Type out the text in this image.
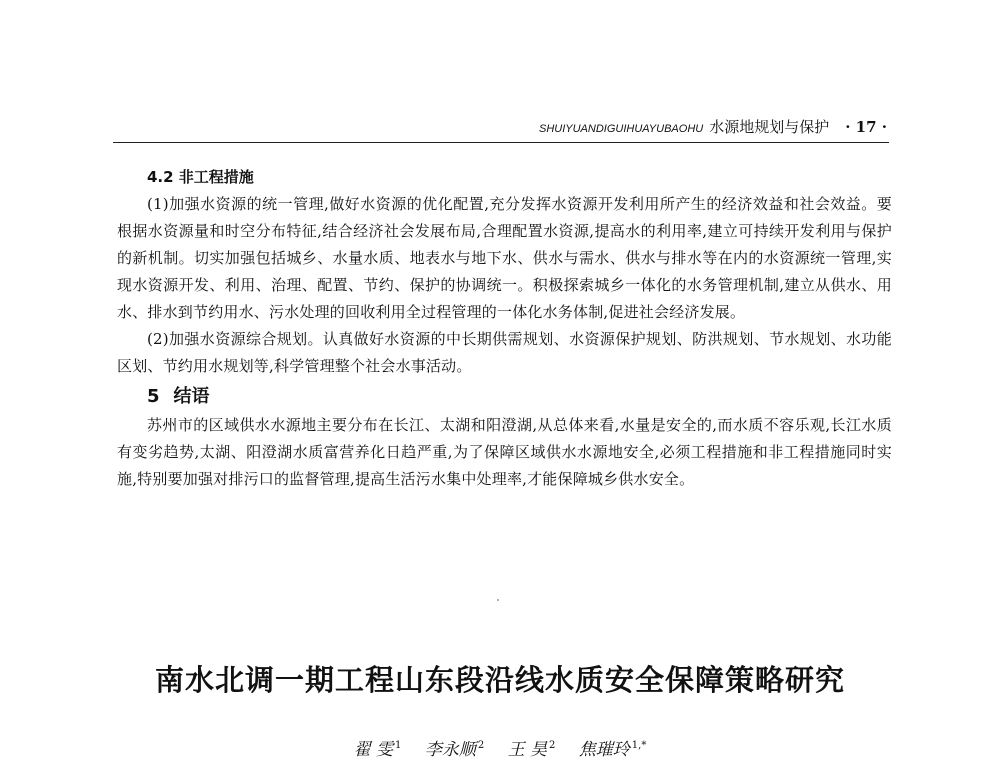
SHUIYUANDIGUIHUAYUBAOHU 水源地规划与保护 · 17 ·
4.2 非工程措施

(1)加强水资源的统一管理,做好水资源的优化配置,充分发挥水资源开发利用所产生的经济效益和社会效益。要根据水资源量和时空分布特征,结合经济社会发展布局,合理配置水资源,提高水的利用率,建立可持续开发利用与保护的新机制。切实加强包括城乡、水量水质、地表水与地下水、供水与需水、供水与排水等在内的水资源统一管理,实现水资源开发、利用、治理、配置、节约、保护的协调统一。积极探索城乡一体化的水务管理机制,建立从供水、用水、排水到节约用水、污水处理的回收利用全过程管理的一体化水务体制,促进社会经济发展。

(2)加强水资源综合规划。认真做好水资源的中长期供需规划、水资源保护规划、防洪规划、节水规划、水功能区划、节约用水规划等,科学管理整个社会水事活动。

5 结语

苏州市的区域供水水源地主要分布在长江、太湖和阳澄湖,从总体来看,水量是安全的,而水质不容乐观,长江水质有变劣趋势,太湖、阳澄湖水质富营养化日趋严重,为了保障区域供水水源地安全,必须工程措施和非工程措施同时实施,特别要加强对排污口的监督管理,提高生活污水集中处理率,才能保障城乡供水安全。

南水北调一期工程山东段沿线水质安全保障策略研究
翟 雯 $^1$ 李永顺 $^2$ 王 昊 $^2$ 焦璀玲 $^{1,*}$
